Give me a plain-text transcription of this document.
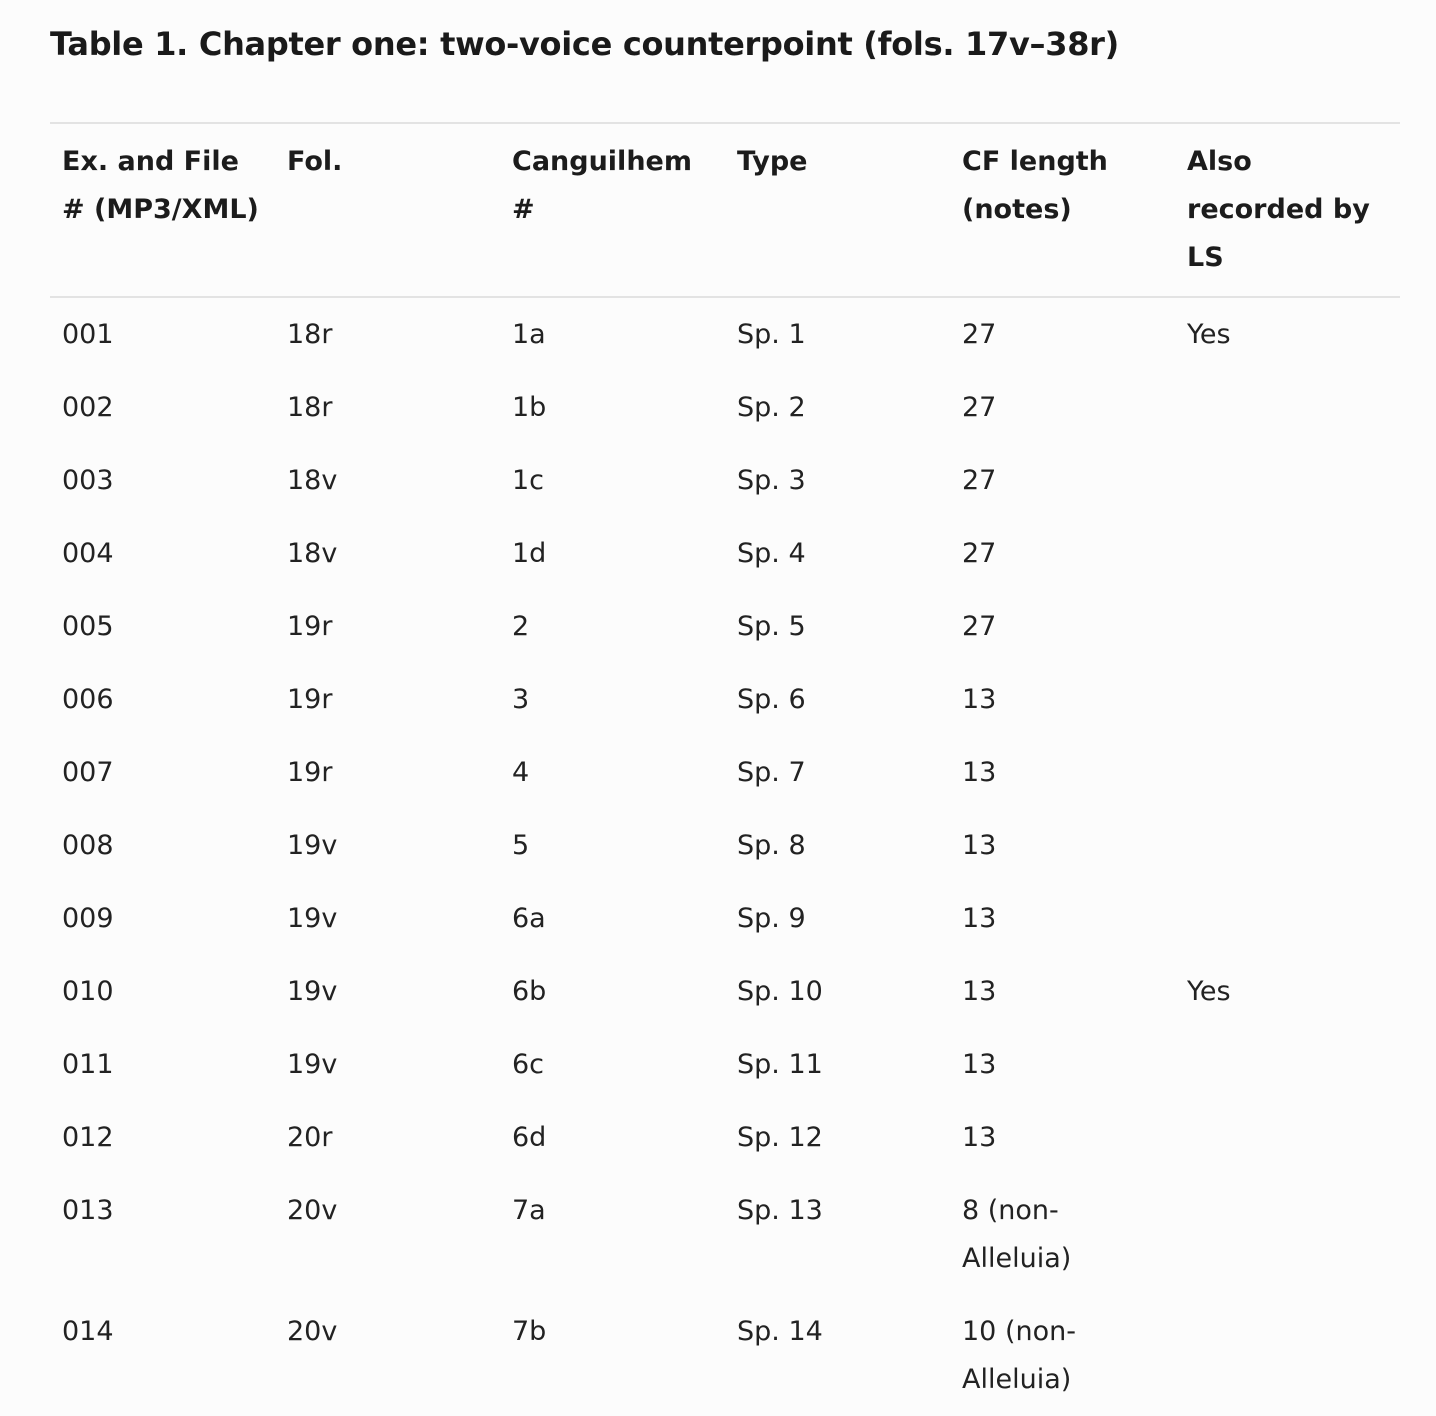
Table 1. Chapter one: two-voice counterpoint (fols. 17v–38r)
Ex. and File # (MP3/XML)	Fol.	Canguilhem #	Type	CF length (notes)	Also recorded by LS
001	18r	1a	Sp. 1	27	Yes
002	18r	1b	Sp. 2	27	
003	18v	1c	Sp. 3	27	
004	18v	1d	Sp. 4	27	
005	19r	2	Sp. 5	27	
006	19r	3	Sp. 6	13	
007	19r	4	Sp. 7	13	
008	19v	5	Sp. 8	13	
009	19v	6a	Sp. 9	13	
010	19v	6b	Sp. 10	13	Yes
011	19v	6c	Sp. 11	13	
012	20r	6d	Sp. 12	13	
013	20v	7a	Sp. 13	8 (non-Alleluia)	
014	20v	7b	Sp. 14	10 (non-Alleluia)	
